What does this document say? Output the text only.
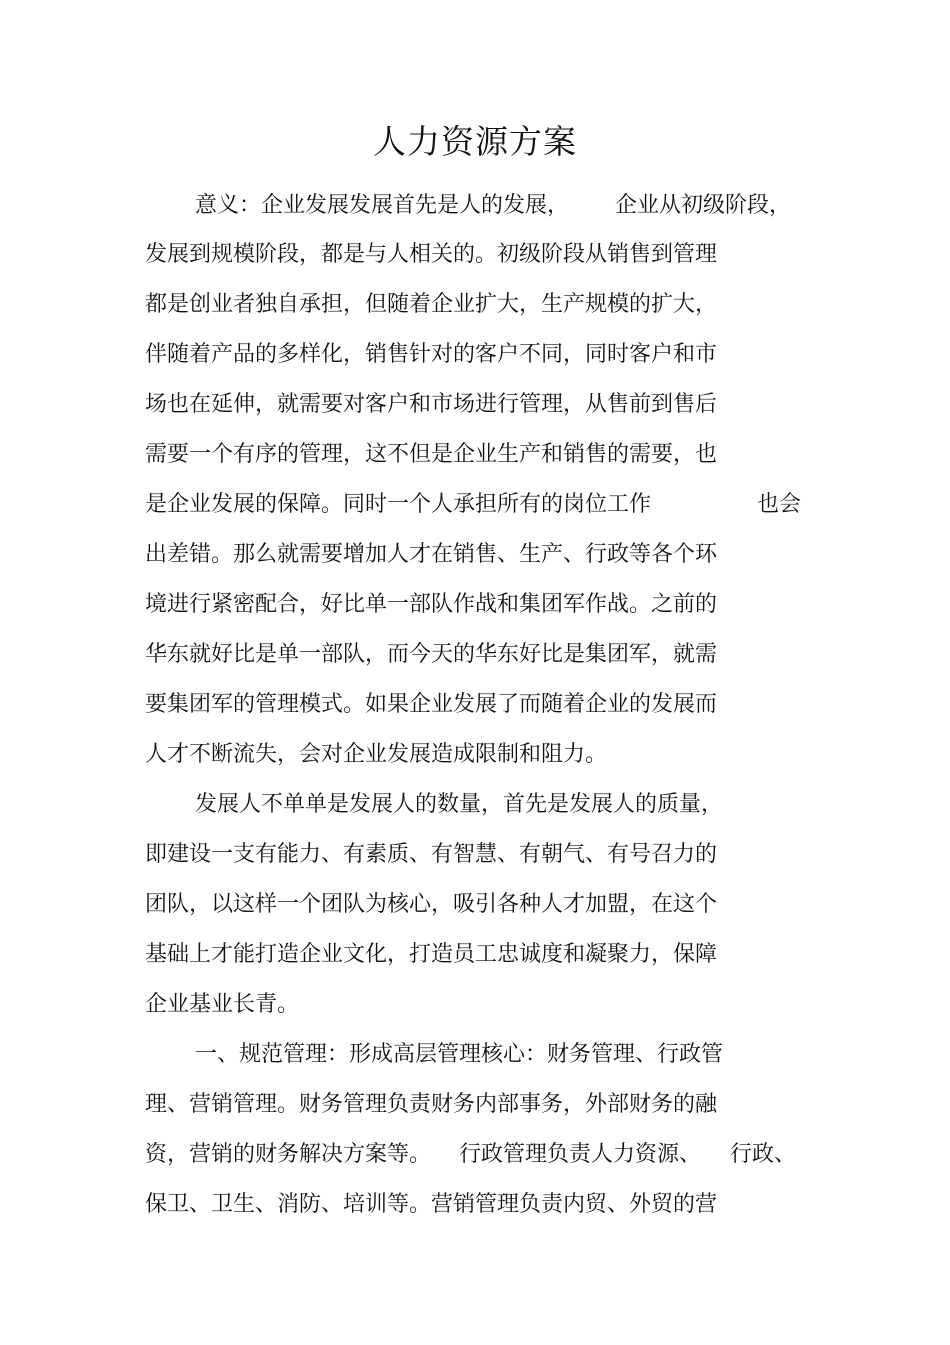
人力资源方案
意义：企业发展发展首先是人的发展， 企业从初级阶段，
发展到规模阶段，都是与人相关的。初级阶段从销售到管理
都是创业者独自承担，但随着企业扩大，生产规模的扩大，
伴随着产品的多样化，销售针对的客户不同，同时客户和市
场也在延伸，就需要对客户和市场进行管理，从售前到售后
需要一个有序的管理，这不但是企业生产和销售的需要，也
是企业发展的保障。同时一个人承担所有的岗位工作	也会
出差错。那么就需要增加人才在销售、生产、行政等各个环
境进行紧密配合，好比单一部队作战和集团军作战。之前的
华东就好比是单一部队，而今天的华东好比是集团军，就需
要集团军的管理模式。如果企业发展了而随着企业的发展而
人才不断流失，会对企业发展造成限制和阻力。
发展人不单单是发展人的数量，首先是发展人的质量，
即建设一支有能力、有素质、有智慧、有朝气、有号召力的
团队，以这样一个团队为核心，吸引各种人才加盟，在这个
基础上才能打造企业文化，打造员工忠诚度和凝聚力，保障
企业基业长青。
一、规范管理：形成高层管理核心：财务管理、行政管
理、营销管理。财务管理负责财务内部事务，外部财务的融
资，营销的财务解决方案等。 行政管理负责人力资源、 行政、
保卫、卫生、消防、培训等。营销管理负责内贸、外贸的营
